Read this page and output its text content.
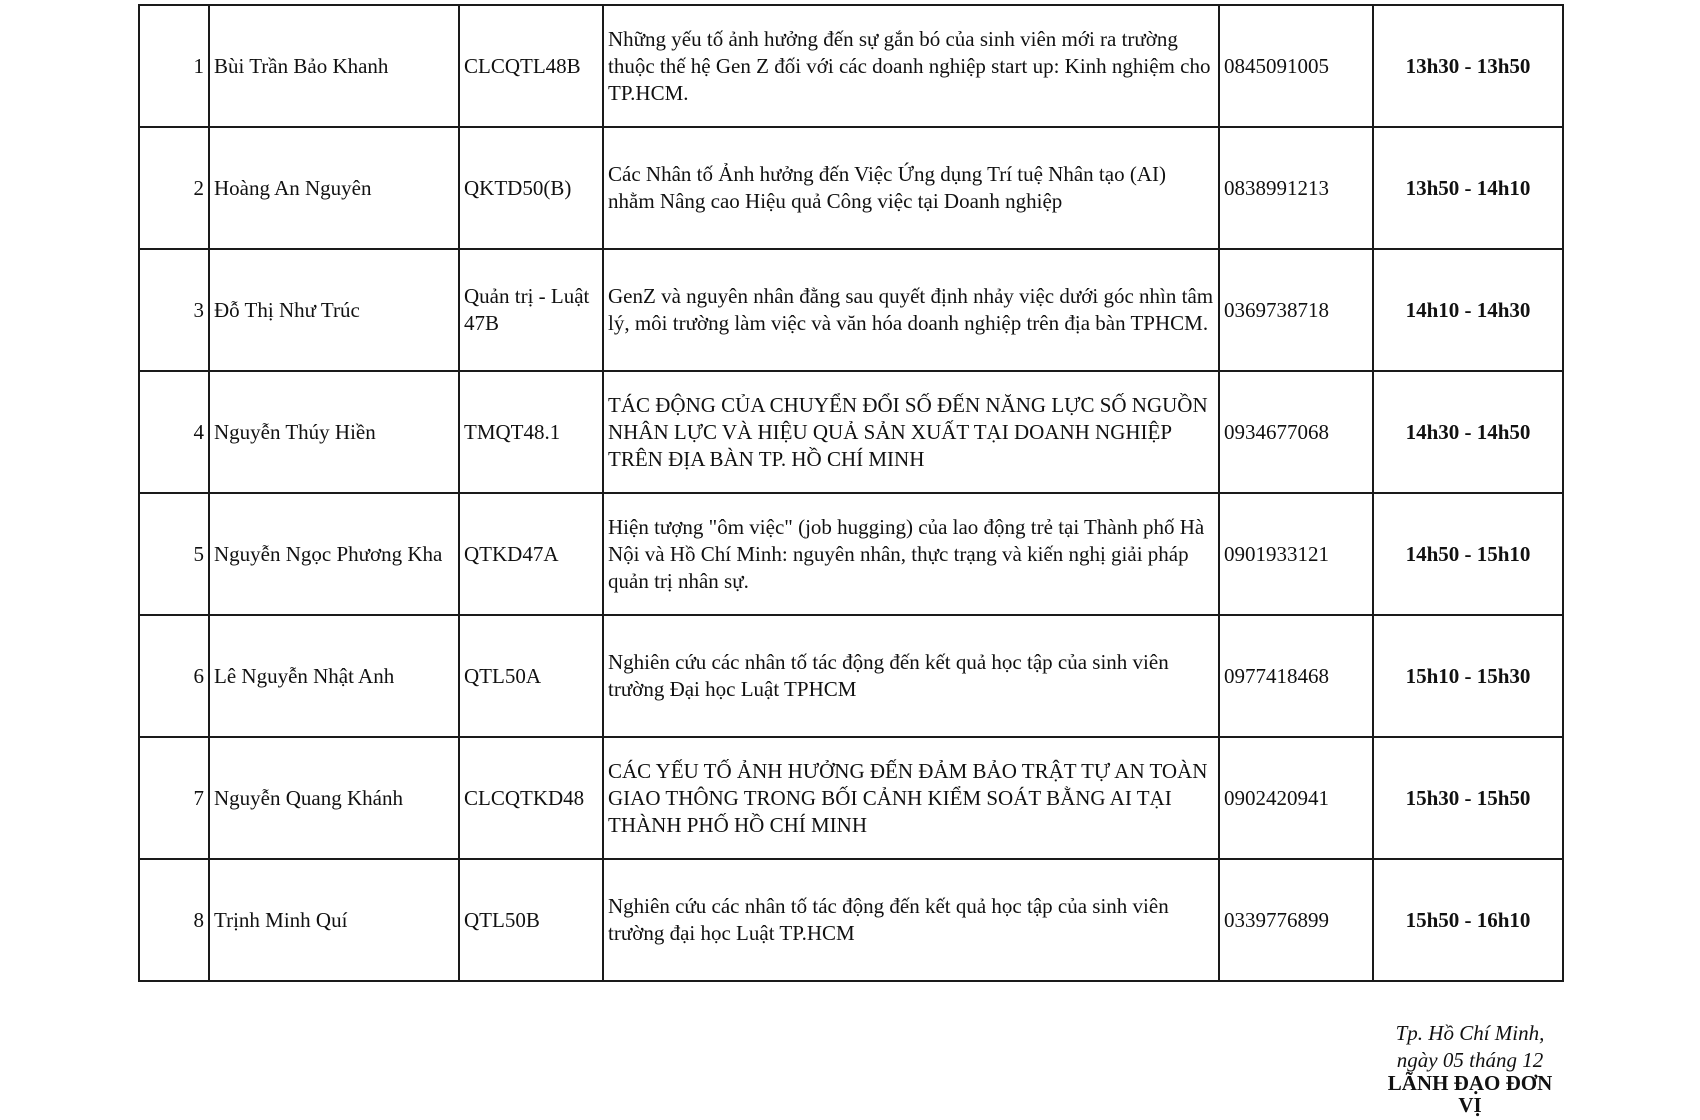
1	Bùi Trần Bảo Khanh	CLCQTL48B	Những yếu tố ảnh hưởng đến sự gắn bó của sinh viên mới ra trường thuộc thế hệ Gen Z đối với các doanh nghiệp start up: Kinh nghiệm cho TP.HCM.	0845091005	13h30 - 13h50
2	Hoàng An Nguyên	QKTD50(B)	Các Nhân tố Ảnh hưởng đến Việc Ứng dụng Trí tuệ Nhân tạo (AI) nhằm Nâng cao Hiệu quả Công việc tại Doanh nghiệp	0838991213	13h50 - 14h10
3	Đỗ Thị Như Trúc	Quản trị - Luật 47B	GenZ và nguyên nhân đằng sau quyết định nhảy việc dưới góc nhìn tâm lý, môi trường làm việc và văn hóa doanh nghiệp trên địa bàn TPHCM.	0369738718	14h10 - 14h30
4	Nguyễn Thúy Hiền	TMQT48.1	TÁC ĐỘNG CỦA CHUYỂN ĐỔI SỐ ĐẾN NĂNG LỰC SỐ NGUỒN NHÂN LỰC VÀ HIỆU QUẢ SẢN XUẤT TẠI DOANH NGHIỆP TRÊN ĐỊA BÀN TP. HỒ CHÍ MINH	0934677068	14h30 - 14h50
5	Nguyễn Ngọc Phương Kha	QTKD47A	Hiện tượng "ôm việc" (job hugging) của lao động trẻ tại Thành phố Hà Nội và Hồ Chí Minh: nguyên nhân, thực trạng và kiến nghị giải pháp quản trị nhân sự.	0901933121	14h50 - 15h10
6	Lê Nguyễn Nhật Anh	QTL50A	Nghiên cứu các nhân tố tác động đến kết quả học tập của sinh viên trường Đại học Luật TPHCM	0977418468	15h10 - 15h30
7	Nguyễn Quang Khánh	CLCQTKD48	CÁC YẾU TỐ ẢNH HƯỞNG ĐẾN ĐẢM BẢO TRẬT TỰ AN TOÀN GIAO THÔNG TRONG BỐI CẢNH KIỂM SOÁT BẰNG AI TẠI THÀNH PHỐ HỒ CHÍ MINH	0902420941	15h30 - 15h50
8	Trịnh Minh Quí	QTL50B	Nghiên cứu các nhân tố tác động đến kết quả học tập của sinh viên trường đại học Luật TP.HCM	0339776899	15h50 - 16h10
Tp. Hồ Chí Minh,
ngày 05 tháng 12
LÃNH ĐẠO ĐƠN
VỊ
